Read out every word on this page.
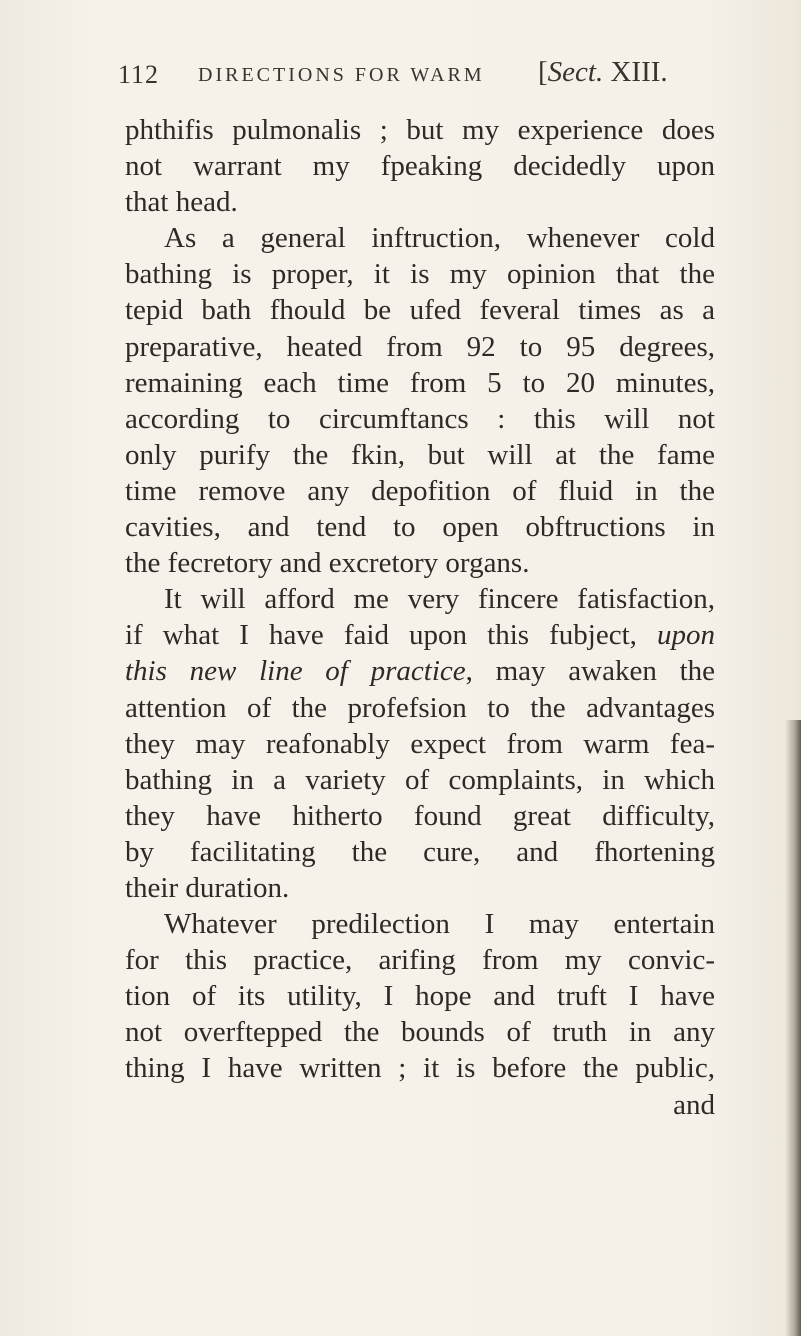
112 DIRECTIONS FOR WARM [Sect. XIII.
phthifis pulmonalis ; but my experience does
not warrant my fpeaking decidedly upon
that head.
As a general inftruction, whenever cold
bathing is proper, it is my opinion that the
tepid bath fhould be ufed feveral times as a
preparative, heated from 92 to 95 degrees,
remaining each time from 5 to 20 minutes,
according to circumftancs : this will not
only purify the fkin, but will at the fame
time remove any depofition of fluid in the
cavities, and tend to open obftructions in
the fecretory and excretory organs.
It will afford me very fincere fatisfaction,
if what I have faid upon this fubject, upon
this new line of practice, may awaken the
attention of the profefsion to the advantages
they may reafonably expect from warm fea-
bathing in a variety of complaints, in which
they have hitherto found great difficulty,
by facilitating the cure, and fhortening
their duration.
Whatever predilection I may entertain
for this practice, arifing from my convic-
tion of its utility, I hope and truft I have
not overftepped the bounds of truth in any
thing I have written ; it is before the public,
and
